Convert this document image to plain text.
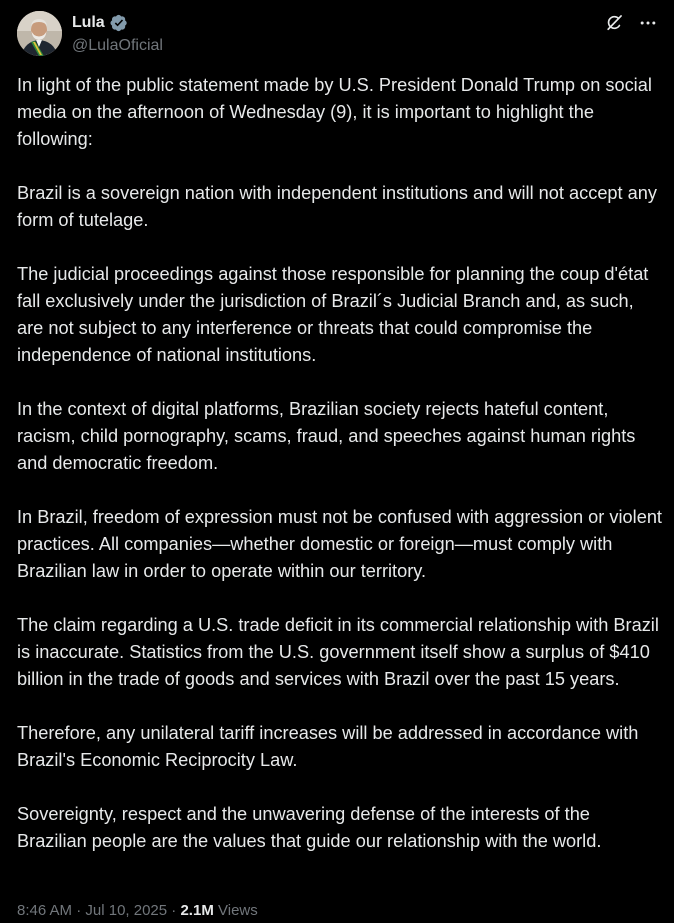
Lula
@LulaOficial

In light of the public statement made by U.S. President Donald Trump on social media on the afternoon of Wednesday (9), it is important to highlight the following:

Brazil is a sovereign nation with independent institutions and will not accept any form of tutelage.

The judicial proceedings against those responsible for planning the coup d'état fall exclusively under the jurisdiction of Brazil´s Judicial Branch and, as such, are not subject to any interference or threats that could compromise the independence of national institutions.

In the context of digital platforms, Brazilian society rejects hateful content, racism, child pornography, scams, fraud, and speeches against human rights and democratic freedom.

In Brazil, freedom of expression must not be confused with aggression or violent practices. All companies—whether domestic or foreign—must comply with Brazilian law in order to operate within our territory.

The claim regarding a U.S. trade deficit in its commercial relationship with Brazil is inaccurate. Statistics from the U.S. government itself show a surplus of $410 billion in the trade of goods and services with Brazil over the past 15 years.

Therefore, any unilateral tariff increases will be addressed in accordance with Brazil's Economic Reciprocity Law.

Sovereignty, respect and the unwavering defense of the interests of the Brazilian people are the values that guide our relationship with the world.

8:46 AM · Jul 10, 2025 · 2.1M Views
